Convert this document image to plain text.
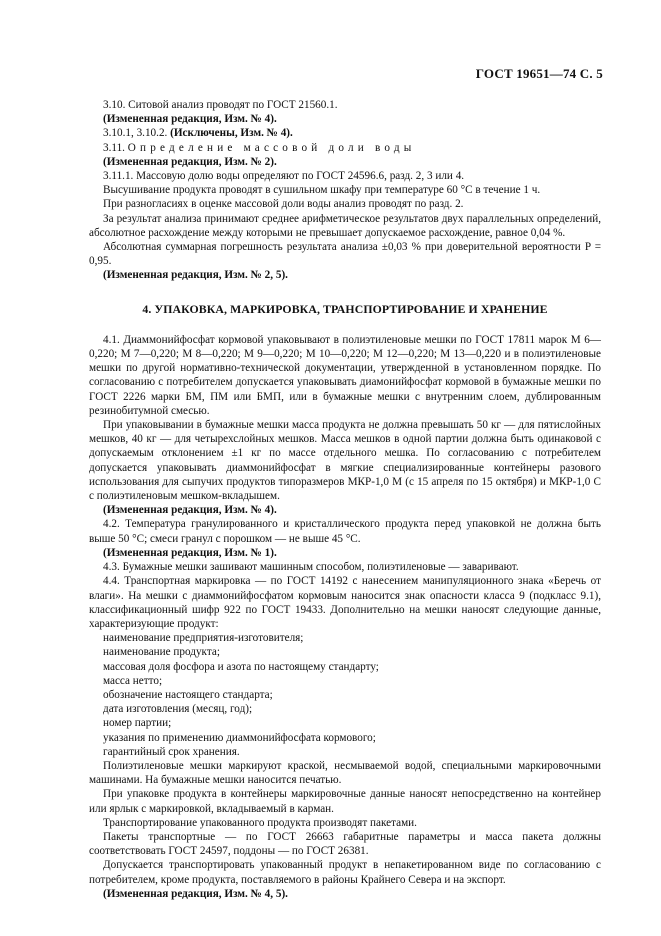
ГОСТ 19651—74 С. 5

3.10. Ситовой анализ проводят по ГОСТ 21560.1.

(Измененная редакция, Изм. № 4).

3.10.1, 3.10.2. (Исключены, Изм. № 4).

3.11. Определение массовой доли воды

(Измененная редакция, Изм. № 2).

3.11.1. Массовую долю воды определяют по ГОСТ 24596.6, разд. 2, 3 или 4.

Высушивание продукта проводят в сушильном шкафу при температуре 60 °С в течение 1 ч.

При разногласиях в оценке массовой доли воды анализ проводят по разд. 2.

За результат анализа принимают среднее арифметическое результатов двух параллельных определений, абсолютное расхождение между которыми не превышает допускаемое расхождение, равное 0,04 %.

Абсолютная суммарная погрешность результата анализа ±0,03 % при доверительной вероятности P = 0,95.

(Измененная редакция, Изм. № 2, 5).

4. УПАКОВКА, МАРКИРОВКА, ТРАНСПОРТИРОВАНИЕ И ХРАНЕНИЕ

4.1. Диаммонийфосфат кормовой упаковывают в полиэтиленовые мешки по ГОСТ 17811 марок М 6—0,220; М 7—0,220; М 8—0,220; М 9—0,220; М 10—0,220; М 12—0,220; М 13—0,220 и в полиэтиленовые мешки по другой нормативно-технической документации, утвержденной в установленном порядке. По согласованию с потребителем допускается упаковывать диамонийфосфат кормовой в бумажные мешки по ГОСТ 2226 марки БМ, ПМ или БМП, или в бумажные мешки с внутренним слоем, дублированным резинобитумной смесью.

При упаковывании в бумажные мешки масса продукта не должна превышать 50 кг — для пятислойных мешков, 40 кг — для четырехслойных мешков. Масса мешков в одной партии должна быть одинаковой с допускаемым отклонением ±1 кг по массе отдельного мешка. По согласованию с потребителем допускается упаковывать диаммонийфосфат в мягкие специализированные контейнеры разового использования для сыпучих продуктов типоразмеров МКР-1,0 М (с 15 апреля по 15 октября) и МКР-1,0 С с полиэтиленовым мешком-вкладышем.

(Измененная редакция, Изм. № 4).

4.2. Температура гранулированного и кристаллического продукта перед упаковкой не должна быть выше 50 °С; смеси гранул с порошком — не выше 45 °С.

(Измененная редакция, Изм. № 1).

4.3. Бумажные мешки зашивают машинным способом, полиэтиленовые — заваривают.

4.4. Транспортная маркировка — по ГОСТ 14192 с нанесением манипуляционного знака «Беречь от влаги». На мешки с диаммонийфосфатом кормовым наносится знак опасности класса 9 (подкласс 9.1), классификационный шифр 922 по ГОСТ 19433. Дополнительно на мешки наносят следующие данные, характеризующие продукт:

наименование предприятия-изготовителя;

наименование продукта;

массовая доля фосфора и азота по настоящему стандарту;

масса нетто;

обозначение настоящего стандарта;

дата изготовления (месяц, год);

номер партии;

указания по применению диаммонийфосфата кормового;

гарантийный срок хранения.

Полиэтиленовые мешки маркируют краской, несмываемой водой, специальными маркировочными машинами. На бумажные мешки наносится печатью.

При упаковке продукта в контейнеры маркировочные данные наносят непосредственно на контейнер или ярлык с маркировкой, вкладываемый в карман.

Транспортирование упакованного продукта производят пакетами.

Пакеты транспортные — по ГОСТ 26663 габаритные параметры и масса пакета должны соответствовать ГОСТ 24597, поддоны — по ГОСТ 26381.

Допускается транспортировать упакованный продукт в непакетированном виде по согласованию с потребителем, кроме продукта, поставляемого в районы Крайнего Севера и на экспорт.

(Измененная редакция, Изм. № 4, 5).
